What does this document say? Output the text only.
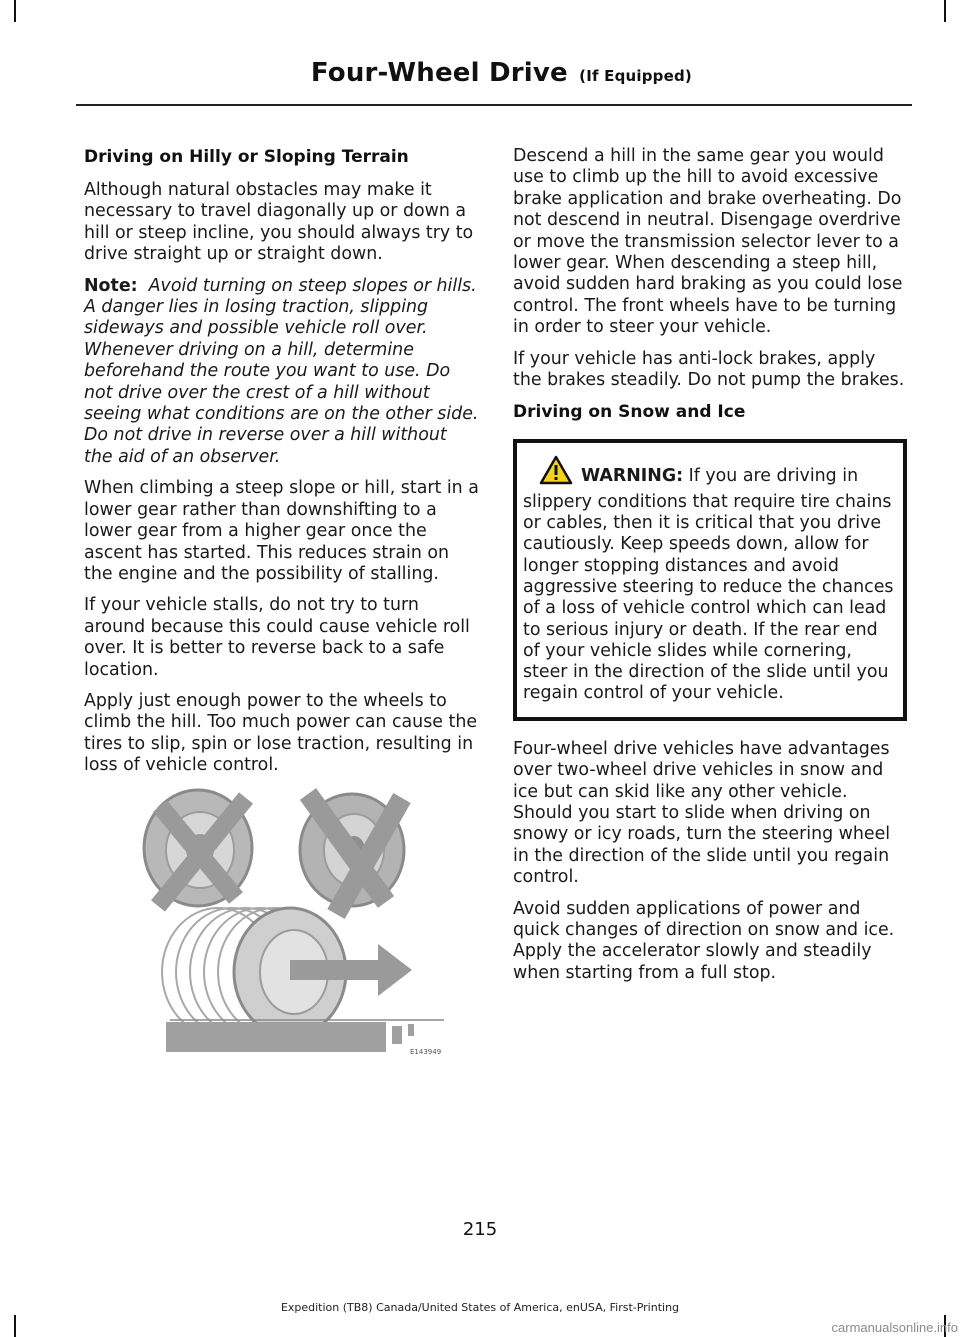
Four-Wheel Drive (If Equipped)
Driving on Hilly or Sloping Terrain

Although natural obstacles may make it necessary to travel diagonally up or down a hill or steep incline, you should always try to drive straight up or straight down.

Note: Avoid turning on steep slopes or hills. A danger lies in losing traction, slipping sideways and possible vehicle roll over. Whenever driving on a hill, determine beforehand the route you want to use. Do not drive over the crest of a hill without seeing what conditions are on the other side. Do not drive in reverse over a hill without the aid of an observer.

When climbing a steep slope or hill, start in a lower gear rather than downshifting to a lower gear from a higher gear once the ascent has started. This reduces strain on the engine and the possibility of stalling.

If your vehicle stalls, do not try to turn around because this could cause vehicle roll over. It is better to reverse back to a safe location.

Apply just enough power to the wheels to climb the hill. Too much power can cause the tires to slip, spin or lose traction, resulting in loss of vehicle control.

E143949

Descend a hill in the same gear you would use to climb up the hill to avoid excessive brake application and brake overheating. Do not descend in neutral. Disengage overdrive or move the transmission selector lever to a lower gear. When descending a steep hill, avoid sudden hard braking as you could lose control. The front wheels have to be turning in order to steer your vehicle.

If your vehicle has anti-lock brakes, apply the brakes steadily. Do not pump the brakes.

Driving on Snow and Ice

WARNING: If you are driving in slippery conditions that require tire chains or cables, then it is critical that you drive cautiously. Keep speeds down, allow for longer stopping distances and avoid aggressive steering to reduce the chances of a loss of vehicle control which can lead to serious injury or death. If the rear end of your vehicle slides while cornering, steer in the direction of the slide until you regain control of your vehicle.

Four-wheel drive vehicles have advantages over two-wheel drive vehicles in snow and ice but can skid like any other vehicle. Should you start to slide when driving on snowy or icy roads, turn the steering wheel in the direction of the slide until you regain control.

Avoid sudden applications of power and quick changes of direction on snow and ice. Apply the accelerator slowly and steadily when starting from a full stop.

215
Expedition (TB8) Canada/United States of America, enUSA, First-Printing
carmanualsonline.info
